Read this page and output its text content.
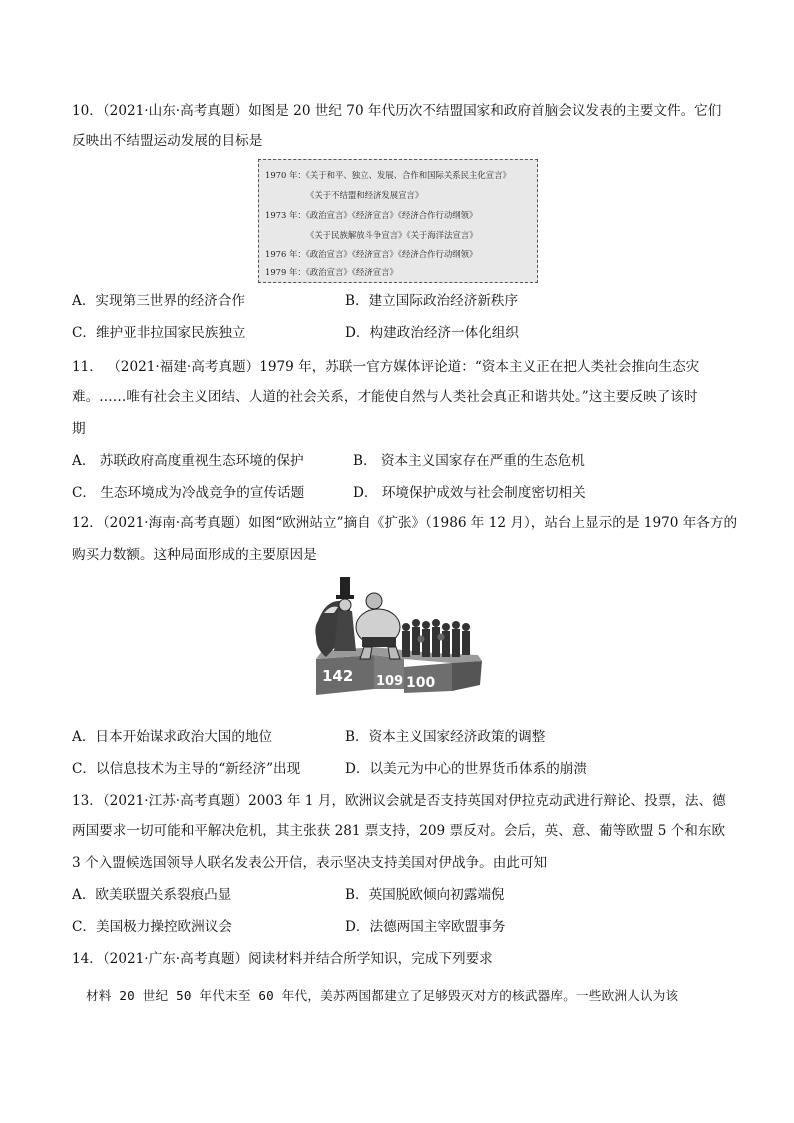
10．（2021·山东·高考真题）如图是 20 世纪 70 年代历次不结盟国家和政府首脑会议发表的主要文件。它们
反映出不结盟运动发展的目标是
1970 年：《关于和平、独立、发展、合作和国际关系民主化宣言》
《关于不结盟和经济发展宣言》
1973 年：《政治宣言》《经济宣言》《经济合作行动纲领》
《关于民族解放斗争宣言》《关于海洋法宣言》
1976 年：《政治宣言》《经济宣言》《经济合作行动纲领》
1979 年：《政治宣言》《经济宣言》
A．实现第三世界的经济合作	B．建立国际政治经济新秩序
C．维护亚非拉国家民族独立	D．构建政治经济一体化组织
11． （2021·福建·高考真题）1979 年，苏联一官方媒体评论道：“资本主义正在把人类社会推向生态灾
难。……唯有社会主义团结、人道的社会关系，才能使自然与人类社会真正和谐共处。”这主要反映了该时
期
A． 苏联政府高度重视生态环境的保护	B． 资本主义国家存在严重的生态危机
C． 生态环境成为冷战竞争的宣传话题	D． 环境保护成效与社会制度密切相关
12．（2021·海南·高考真题）如图“欧洲站立”摘自《扩张》（1986 年 12 月），站台上显示的是 1970 年各方的
购买力数额。这种局面形成的主要原因是
142 109 100
A．日本开始谋求政治大国的地位	B．资本主义国家经济政策的调整
C．以信息技术为主导的“新经济”出现	D．以美元为中心的世界货币体系的崩溃
13．（2021·江苏·高考真题）2003 年 1 月，欧洲议会就是否支持英国对伊拉克动武进行辩论、投票，法、德
两国要求一切可能和平解决危机，其主张获 281 票支持，209 票反对。会后，英、意、葡等欧盟 5 个和东欧
3 个入盟候选国领导人联名发表公开信，表示坚决支持美国对伊战争。由此可知
A．欧美联盟关系裂痕凸显	B．英国脱欧倾向初露端倪
C．美国极力操控欧洲议会	D．法德两国主宰欧盟事务
14．（2021·广东·高考真题）阅读材料并结合所学知识，完成下列要求
材料 20 世纪 50 年代末至 60 年代，美苏两国都建立了足够毁灭对方的核武器库。一些欧洲人认为该
